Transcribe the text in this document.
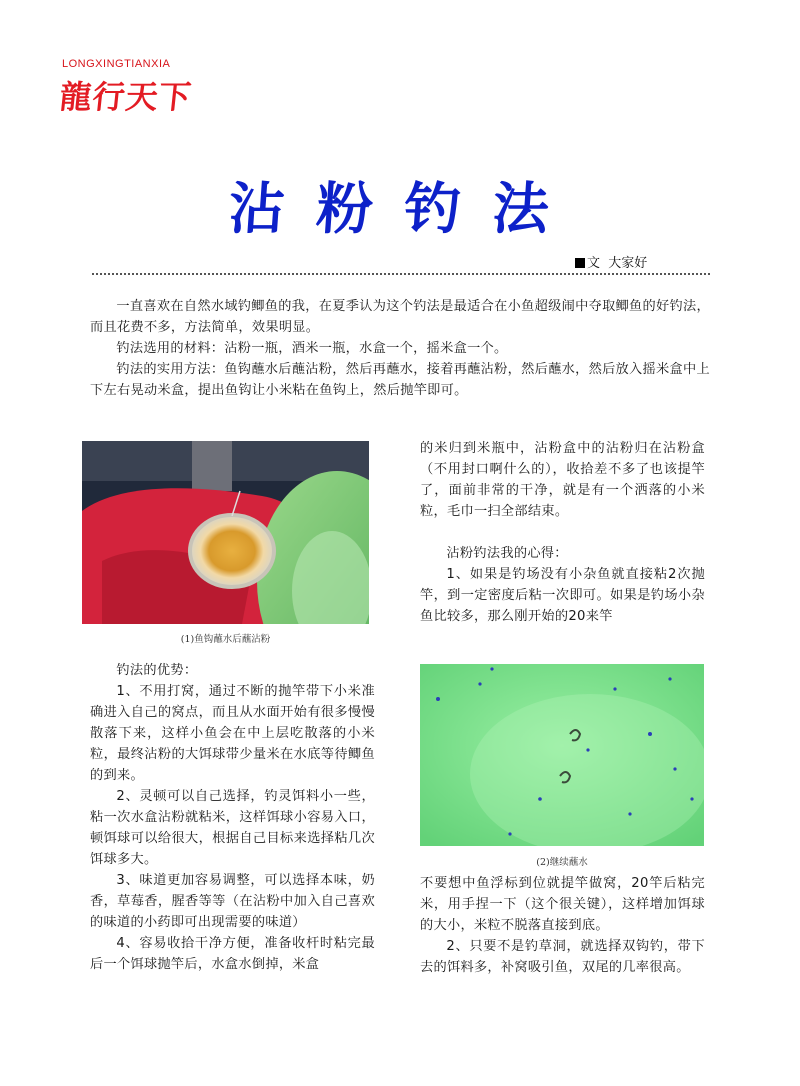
LONGXINGTIANXIA
龍行天下
沾粉钓法
文  大家好

一直喜欢在自然水域钓鲫鱼的我，在夏季认为这个钓法是最适合在小鱼超级闹中夺取鲫鱼的好钓法，而且花费不多，方法简单，效果明显。

钓法选用的材料：沾粉一瓶，酒米一瓶，水盒一个，摇米盒一个。

钓法的实用方法：鱼钩蘸水后蘸沾粉，然后再蘸水，接着再蘸沾粉，然后蘸水，然后放入摇米盒中上下左右晃动米盒，提出鱼钩让小米粘在鱼钩上，然后抛竿即可。

(1)鱼钩蘸水后蘸沾粉

钓法的优势：

1、不用打窝，通过不断的抛竿带下小米准确进入自己的窝点，而且从水面开始有很多慢慢散落下来，这样小鱼会在中上层吃散落的小米粒，最终沾粉的大饵球带少量米在水底等待鲫鱼的到来。

2、灵顿可以自己选择，钓灵饵料小一些，粘一次水盒沾粉就粘米，这样饵球小容易入口，顿饵球可以给很大，根据自己目标来选择粘几次饵球多大。

3、味道更加容易调整，可以选择本味，奶香，草莓香，腥香等等（在沾粉中加入自己喜欢的味道的小药即可出现需要的味道）

4、容易收拾干净方便，准备收杆时粘完最后一个饵球抛竿后，水盒水倒掉，米盒

的米归到米瓶中，沾粉盒中的沾粉归在沾粉盒（不用封口啊什么的），收拾差不多了也该提竿了，面前非常的干净，就是有一个洒落的小米粒，毛巾一扫全部结束。

沾粉钓法我的心得：

1、如果是钓场没有小杂鱼就直接粘2次抛竿，到一定密度后粘一次即可。如果是钓场小杂鱼比较多，那么刚开始的20来竿

(2)继续蘸水

不要想中鱼浮标到位就提竿做窝，20竿后粘完米，用手捏一下（这个很关键），这样增加饵球的大小，米粒不脱落直接到底。

2、只要不是钓草洞，就选择双钩钓，带下去的饵料多，补窝吸引鱼，双尾的几率很高。
